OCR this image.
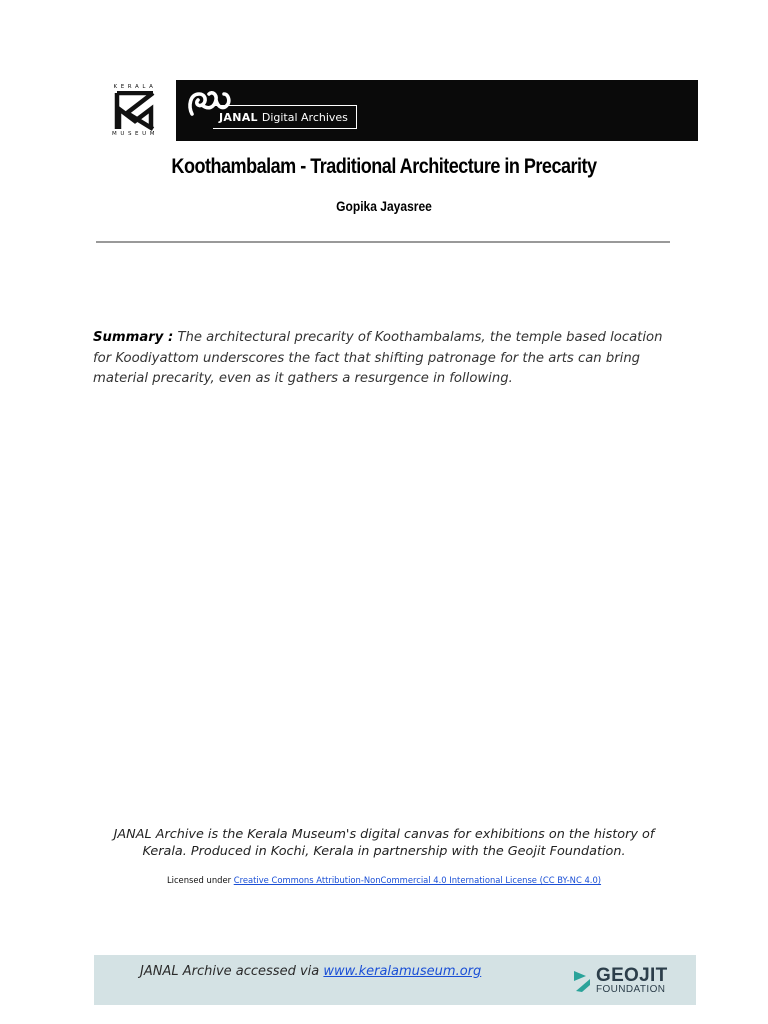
KERALA
MUSEUM
JANAL Digital Archives
Koothambalam - Traditional Architecture in Precarity
Gopika Jayasree

Summary : The architectural precarity of Koothambalams, the temple based location for Koodiyattom underscores the fact that shifting patronage for the arts can bring material precarity, even as it gathers a resurgence in following.

JANAL Archive is the Kerala Museum's digital canvas for exhibitions on the history of Kerala. Produced in Kochi, Kerala in partnership with the Geojit Foundation.
Licensed under Creative Commons Attribution-NonCommercial 4.0 International License (CC BY-NC 4.0)
JANAL Archive accessed via www.keralamuseum.org	GEOJIT
FOUNDATION
